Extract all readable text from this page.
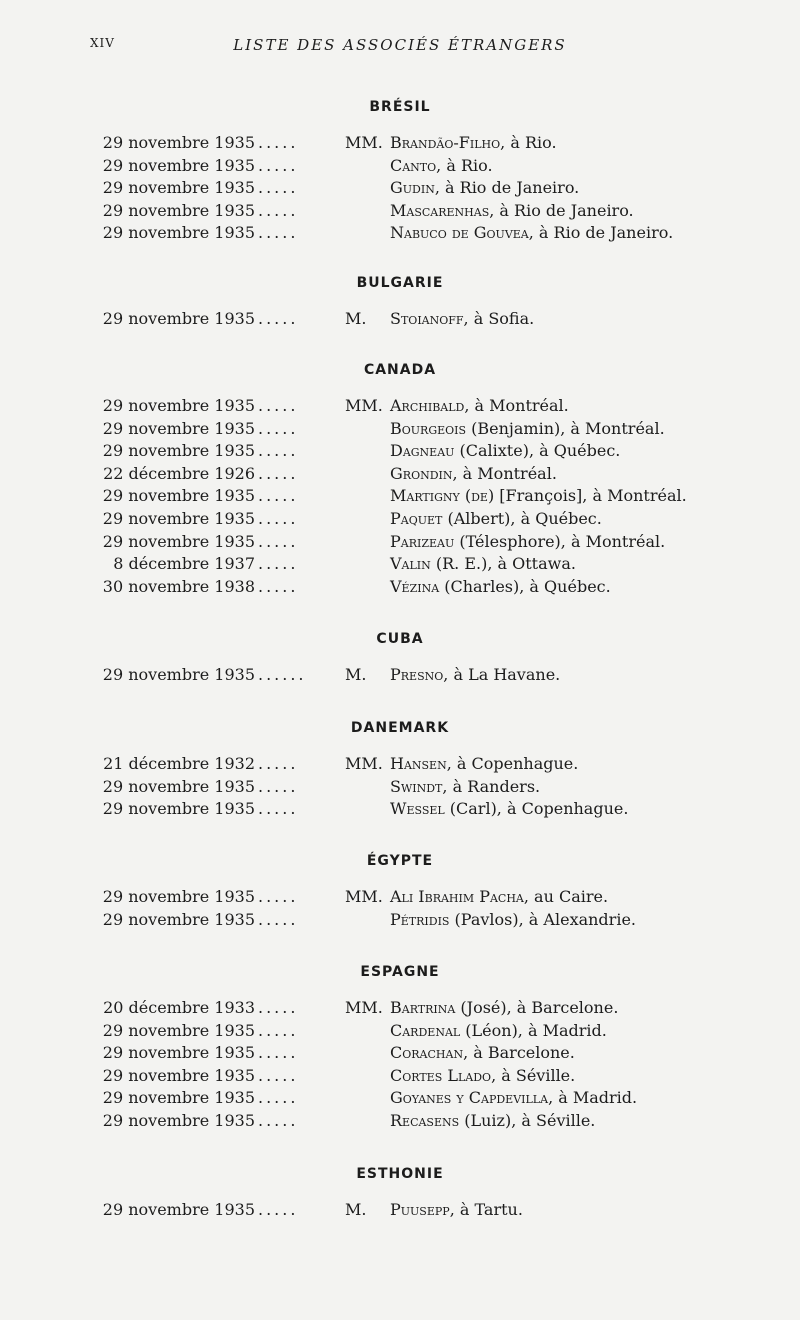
XIV	LISTE DES ASSOCIÉS ÉTRANGERS
BRÉSIL
29 novembre 1935 .....	MM. Brandão-Filho, à Rio.
29 novembre 1935 .....	Canto, à Rio.
29 novembre 1935 .....	Gudin, à Rio de Janeiro.
29 novembre 1935 .....	Mascarenhas, à Rio de Janeiro.
29 novembre 1935 .....	Nabuco de Gouvea, à Rio de Janeiro.
BULGARIE
29 novembre 1935 .....	M. Stoianoff, à Sofia.
CANADA
29 novembre 1935 .....	MM. Archibald, à Montréal.
29 novembre 1935 .....	Bourgeois (Benjamin), à Montréal.
29 novembre 1935 .....	Dagneau (Calixte), à Québec.
22 décembre 1926 .....	Grondin, à Montréal.
29 novembre 1935 .....	Martigny (de) [François], à Montréal.
29 novembre 1935 .....	Paquet (Albert), à Québec.
29 novembre 1935 .....	Parizeau (Télesphore), à Montréal.
8 décembre 1937 .....	Valin (R. E.), à Ottawa.
30 novembre 1938 .....	Vézina (Charles), à Québec.
CUBA
29 novembre 1935 ...... M. Presno, à La Havane.
DANEMARK
21 décembre 1932 .....	MM. Hansen, à Copenhague.
29 novembre 1935 .....	Swindt, à Randers.
29 novembre 1935 .....	Wessel (Carl), à Copenhague.
ÉGYPTE
29 novembre 1935 .....	MM. Ali Ibrahim Pacha, au Caire.
29 novembre 1935 .....	Pétridis (Pavlos), à Alexandrie.
ESPAGNE
20 décembre 1933 .....	MM. Bartrina (José), à Barcelone.
29 novembre 1935 .....	Cardenal (Léon), à Madrid.
29 novembre 1935 .....	Corachan, à Barcelone.
29 novembre 1935 .....	Cortes Llado, à Séville.
29 novembre 1935 .....	Goyanes y Capdevilla, à Madrid.
29 novembre 1935 .....	Recasens (Luiz), à Séville.
ESTHONIE
29 novembre 1935 .....	M. Puusepp, à Tartu.
